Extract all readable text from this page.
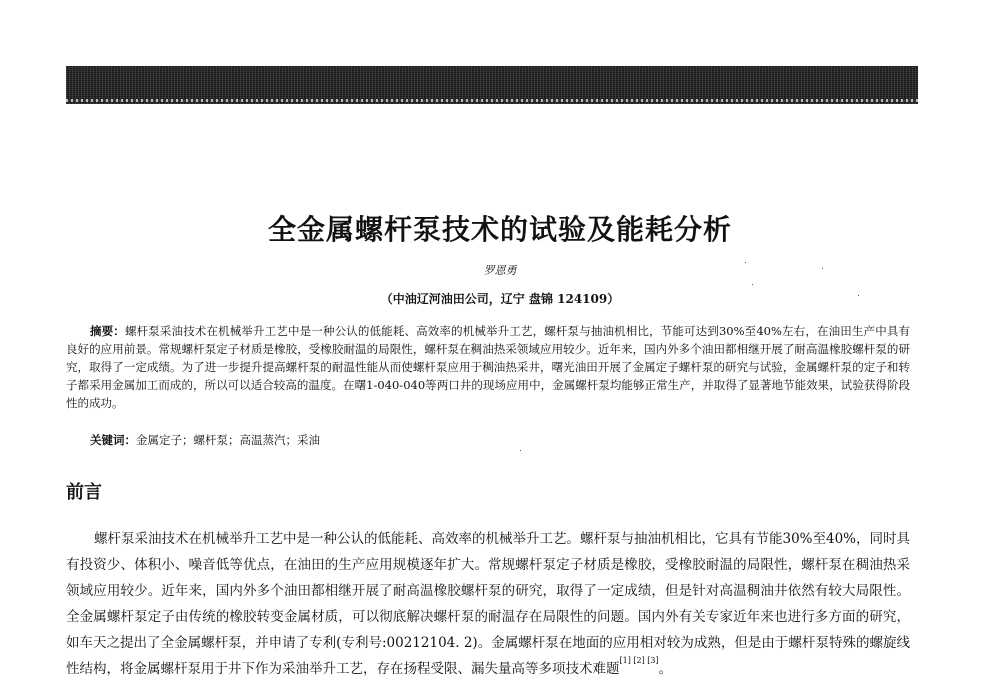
全金属螺杆泵技术的试验及能耗分析
罗恩勇
（中油辽河油田公司，辽宁 盘锦 124109）

摘要：螺杆泵采油技术在机械举升工艺中是一种公认的低能耗、高效率的机械举升工艺，螺杆泵与抽油机相比，节能可达到30%至40%左右，在油田生产中具有良好的应用前景。常规螺杆泵定子材质是橡胶，受橡胶耐温的局限性，螺杆泵在稠油热采领域应用较少。近年来，国内外多个油田都相继开展了耐高温橡胶螺杆泵的研究，取得了一定成绩。为了进一步提升提高螺杆泵的耐温性能从而使螺杆泵应用于稠油热采井，曙光油田开展了金属定子螺杆泵的研究与试验，金属螺杆泵的定子和转子都采用金属加工而成的，所以可以适合较高的温度。在曙1-040-040等两口井的现场应用中，金属螺杆泵均能够正常生产，并取得了显著地节能效果，试验获得阶段性的成功。

关键词：金属定子；螺杆泵；高温蒸汽；采油
前言

螺杆泵采油技术在机械举升工艺中是一种公认的低能耗、高效率的机械举升工艺。螺杆泵与抽油机相比，它具有节能30%至40%，同时具有投资少、体积小、噪音低等优点，在油田的生产应用规模逐年扩大。常规螺杆泵定子材质是橡胶，受橡胶耐温的局限性，螺杆泵在稠油热采领域应用较少。近年来，国内外多个油田都相继开展了耐高温橡胶螺杆泵的研究，取得了一定成绩，但是针对高温稠油井依然有较大局限性。全金属螺杆泵定子由传统的橡胶转变金属材质，可以彻底解决螺杆泵的耐温存在局限性的问题。国内外有关专家近年来也进行多方面的研究，如车天之提出了全金属螺杆泵，并申请了专利(专利号:00212104. 2)。金属螺杆泵在地面的应用相对较为成熟，但是由于螺杆泵特殊的螺旋线性结构，将金属螺杆泵用于井下作为采油举升工艺，存在扬程受限、漏失量高等多项技术难题[1] [2] [3]。
